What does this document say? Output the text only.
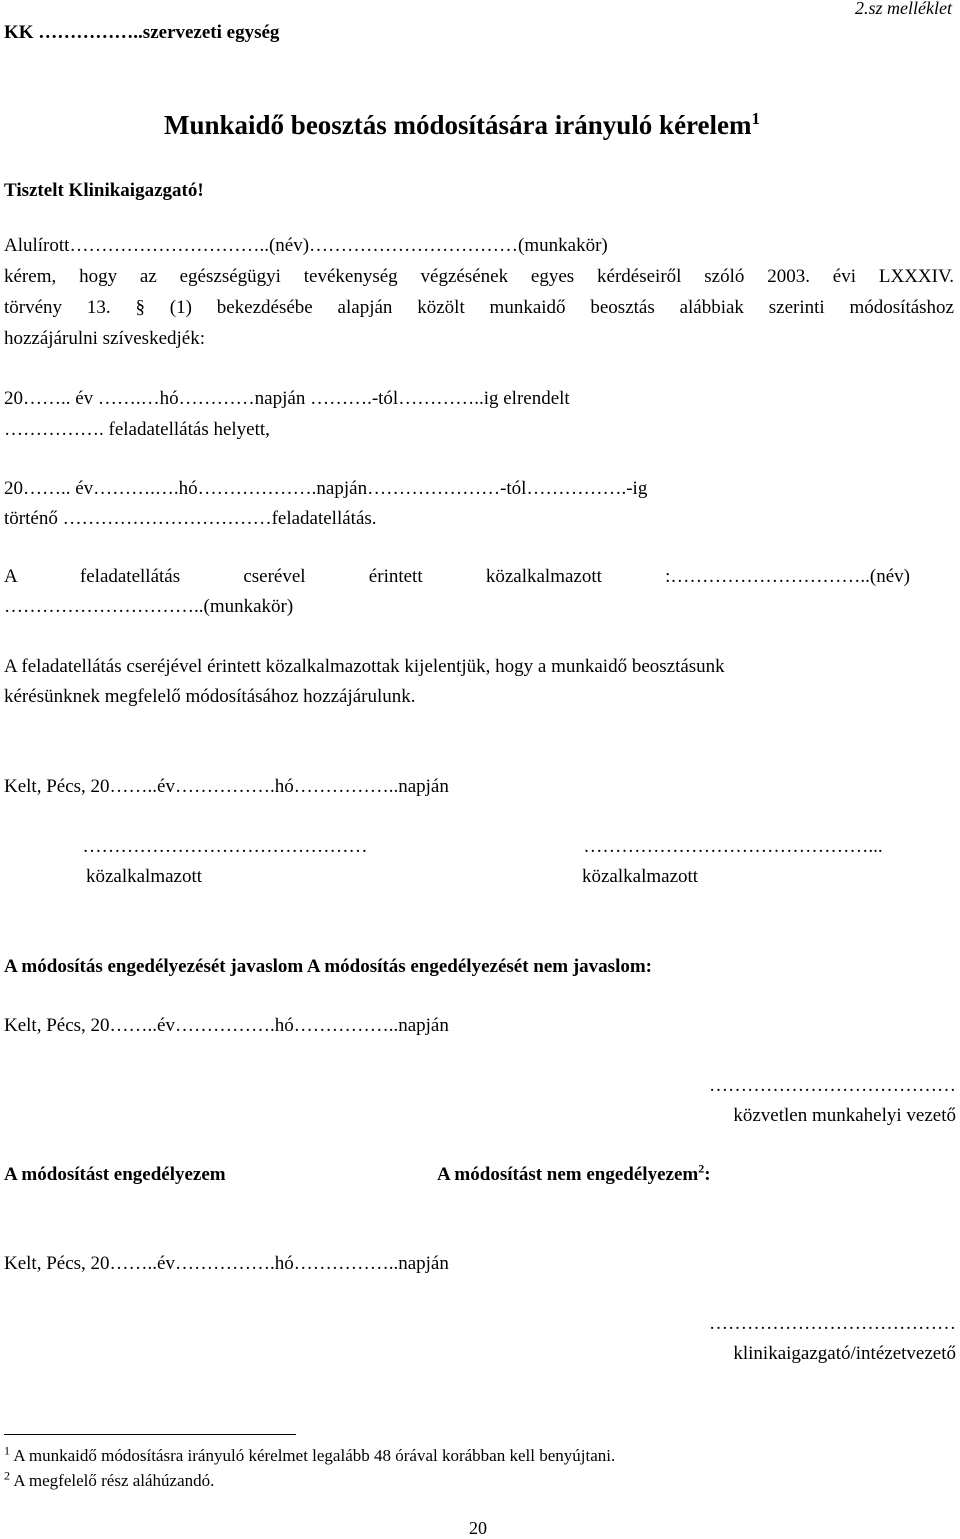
KK ……………..szervezeti egység
2.sz melléklet
Munkaidő beosztás módosítására irányuló kérelem$^1$
Tisztelt Klinikaigazgató!
Alulírott…………………………..(név)……………………………(munkakör)
kérem, hogy az egészségügyi tevékenység végzésének egyes kérdéseiről szóló 2003. évi LXXXIV.
törvény 13. § (1) bekezdésébe alapján közölt munkaidő beosztás alábbiak szerinti módosításhoz
hozzájárulni szíveskedjék:
20…….. év …….…hó…………napján ……….-tól…………..ig elrendelt
……………. feladatellátás helyett,
20…….. év……….….hó……………….napján…………………-tól…………….-ig
történő ……………………………feladatellátás.
A feladatellátás cserével érintett közalkalmazott :…………………………..(név)
…………………………..(munkakör)
A feladatellátás cseréjével érintett közalkalmazottak kijelentjük, hogy a munkaidő beosztásunk
kérésünknek megfelelő módosításához hozzájárulunk.
Kelt, Pécs, 20……..év…………….hó……………..napján
………………………………………
közalkalmazott
………………………………………...
közalkalmazott
A módosítás engedélyezését javaslom A módosítás engedélyezését nem javaslom:
Kelt, Pécs, 20……..év…………….hó……………..napján
…………………………………
közvetlen munkahelyi vezető
A módosítást engedélyezem	A módosítást nem engedélyezem$^2$:
Kelt, Pécs, 20……..év…………….hó……………..napján
…………………………………
klinikaigazgató/intézetvezető
$^1$ A munkaidő módosításra irányuló kérelmet legalább 48 órával korábban kell benyújtani.
$^2$ A megfelelő rész aláhúzandó.
20
